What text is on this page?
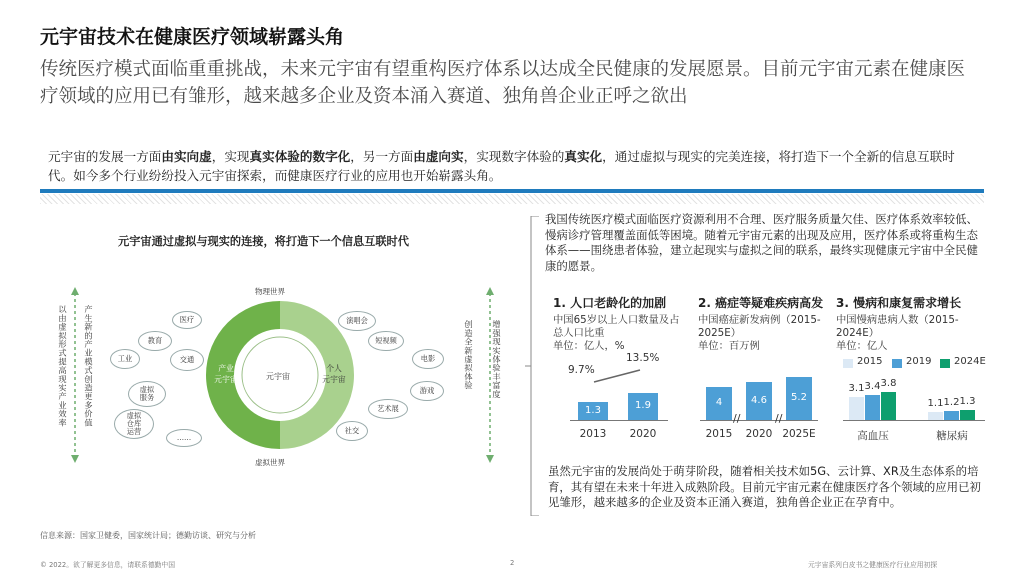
元宇宙技术在健康医疗领域崭露头角
传统医疗模式面临重重挑战，未来元宇宙有望重构医疗体系以达成全民健康的发展愿景。目前元宇宙元素在健康医疗领域的应用已有雏形，越来越多企业及资本涌入赛道、独角兽企业正呼之欲出
元宇宙的发展一方面由实向虚，实现真实体验的数字化，另一方面由虚向实，实现数字体验的真实化，通过虚拟与现实的完美连接，将打造下一个全新的信息互联时代。如今多个行业纷纷投入元宇宙探索，而健康医疗行业的应用也开始崭露头角。
元宇宙通过虚拟与现实的连接，将打造下一个信息互联时代
以由虚拟形式提高现实产业效率 产生新的产业模式创造更多价值	创造全新虚拟体验 增强现实体验丰富度
物理世界
虚拟世界
元宇宙
产业
元宇宙
个人
元宇宙
医疗
教育
工业	交通
虚拟
服务
虚拟
仓库
运营
……
演唱会
短视频
电影
游戏
艺术展
社交
我国传统医疗模式面临医疗资源利用不合理、医疗服务质量欠佳、医疗体系效率较低、慢病诊疗管理覆盖面低等困境。随着元宇宙元素的出现及应用，医疗体系或将重构生态体系——围绕患者体验，建立起现实与虚拟之间的联系，最终实现健康元宇宙中全民健康的愿景。
1. 人口老龄化的加剧	2. 癌症等疑难疾病高发 3. 慢病和康复需求增长
中国65岁以上人口数量及占总人口比重
单位：亿人，%
中国癌症新发病例（2015-2025E）
单位：百万例
中国慢病患病人数（2015-2024E）
单位：亿人
1.3	1.9
2013	2020
9.7%
13.5%
4	4.6	5.2
2015	2020 2025E
//	//
2015 2019 2024E
3.1 3.4 3.8
高血压
1.1 1.2 1.3
糖尿病
虽然元宇宙的发展尚处于萌芽阶段，随着相关技术如5G、云计算、XR及生态体系的培育，其有望在未来十年进入成熟阶段。目前元宇宙元素在健康医疗各个领域的应用已初见雏形，越来越多的企业及资本正涌入赛道，独角兽企业正在孕育中。
信息来源：国家卫健委，国家统计局；德勤访谈、研究与分析
© 2022。欲了解更多信息，请联系德勤中国	2	元宇宙系列白皮书之健康医疗行业应用初探
